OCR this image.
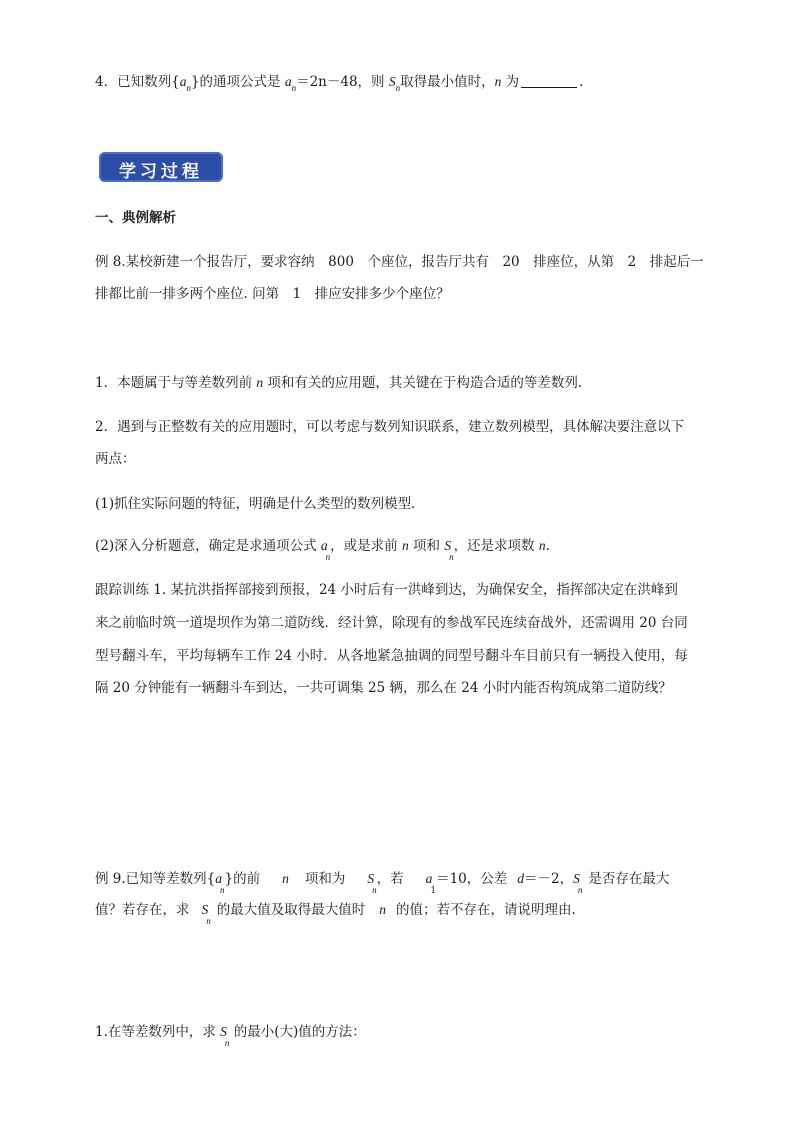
4．已知数列$\{a_n\}$的通项公式是 $a_n=2n-48$，则 $S_n$取得最小值时，n 为	.
学习过程
一、典例解析
例 8.某校新建一个报告厅，要求容纳　800　个座位，报告厅共有　20　排座位，从第　2　排起后一
排都比前一排多两个座位. 问第　1　排应安排多少个座位？
1．本题属于与等差数列前 n 项和有关的应用题，其关键在于构造合适的等差数列．
2．遇到与正整数有关的应用题时，可以考虑与数列知识联系，建立数列模型，具体解决要注意以下
两点：
(1)抓住实际问题的特征，明确是什么类型的数列模型．
(2)深入分析题意，确定是求通项公式 $a_n$，或是求前 n 项和 $S_n$，还是求项数 n.
跟踪训练 1. 某抗洪指挥部接到预报，24 小时后有一洪峰到达，为确保安全，指挥部决定在洪峰到
来之前临时筑一道堤坝作为第二道防线．经计算，除现有的参战军民连续奋战外，还需调用 20 台同
型号翻斗车，平均每辆车工作 24 小时．从各地紧急抽调的同型号翻斗车目前只有一辆投入使用，每
隔 20 分钟能有一辆翻斗车到达，一共可调集 25 辆，那么在 24 小时内能否构筑成第二道防线？
例 9.已知等差数列$\{a_n\}$的前 n 项和为 $S_n$，若 $a_1=10$，公差 d＝－2，$S_n$是否存在最大
值？若存在，求 $S_n$的最大值及取得最大值时 n 的值；若不存在，请说明理由.
1.在等差数列中，求 $S_n$ 的最小(大)值的方法：
